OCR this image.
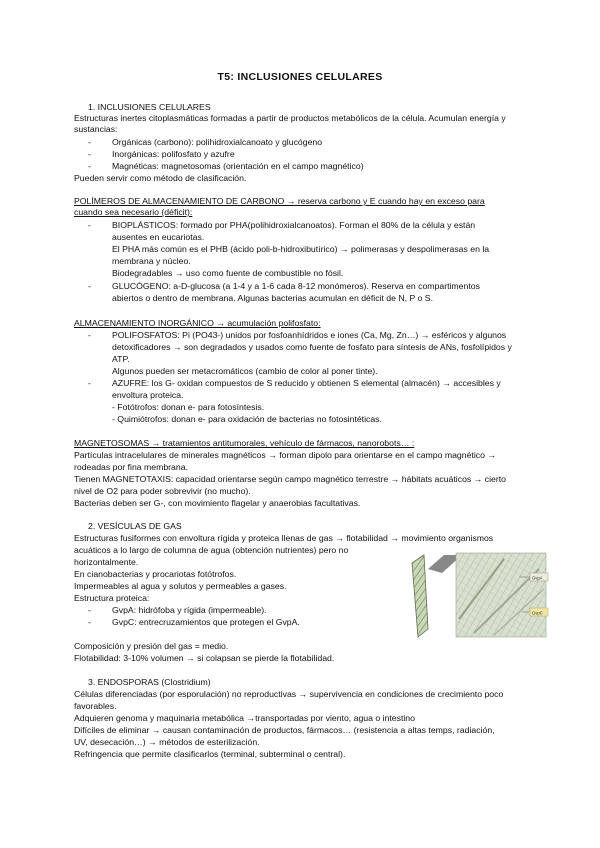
T5: INCLUSIONES CELULARES
1. INCLUSIONES CELULARES
Estructuras inertes citoplasmáticas formadas a partir de productos metabólicos de la célula. Acumulan energía y
sustancias:
- Orgánicas (carbono): polihidroxialcanoato y glucógeno
- Inorgánicas: polifosfato y azufre
- Magnéticas: magnetosomas (orientación en el campo magnético)
Pueden servir como método de clasificación.
POLÍMEROS DE ALMACENAMIENTO DE CARBONO → reserva carbono y E cuando hay en exceso para
cuando sea necesario (déficit):
- BIOPLÁSTICOS: formado por PHA(polihidroxialcanoatos). Forman el 80% de la célula y están
ausentes en eucariotas.
El PHA más común es el PHB (ácido poli-b-hidroxibutírico) → polimerasas y despolimerasas en la
membrana y núcleo.
Biodegradables → uso como fuente de combustible no fósil.
- GLUCÓGENO: a-D-glucosa (a 1-4 y a 1-6 cada 8-12 monómeros). Reserva en compartimentos
abiertos o dentro de membrana. Algunas bacterias acumulan en déficit de N, P o S.
ALMACENAMIENTO INORGÁNICO → acumulación polifosfato:
- POLIFOSFATOS: Pi (PO43-) unidos por fosfoanhídridos e iones (Ca, Mg, Zn…) → esféricos y algunos
detoxificadores → son degradados y usados como fuente de fosfato para síntesis de ANs, fosfolípidos y
ATP.
Algunos pueden ser metacromáticos (cambio de color al poner tinte).
- AZUFRE: los G- oxidan compuestos de S reducido y obtienen S elemental (almacén) → accesibles y
envoltura proteica.
- Fotótrofos: donan e- para fotosíntesis.
- Quimiótrofos: donan e- para oxidación de bacterias no fotosintéticas.
MAGNETOSOMAS → tratamientos antitumorales, vehículo de fármacos, nanorobots… :
Partículas intracelulares de minerales magnéticos → forman dipolo para orientarse en el campo magnético →
rodeadas por fina membrana.
Tienen MAGNETOTAXIS: capacidad orientarse según campo magnético terrestre → hábitats acuáticos → cierto
nivel de O2 para poder sobrevivir (no mucho).
Bacterias deben ser G-, con movimiento flagelar y anaerobias facultativas.
2. VESÍCULAS DE GAS
Estructuras fusiformes con envoltura rígida y proteica llenas de gas → flotabilidad → movimiento organismos
acuáticos a lo largo de columna de agua (obtención nutrientes) pero no
horizontalmente.
En cianobacterias y procariotas fotótrofos.
Impermeables al agua y solutos y permeables a gases.
Estructura proteica:
- GvpA: hidrófoba y rígida (impermeable).
- GvpC: entrecruzamientos que protegen el GvpA.
Composición y presión del gas = medio.
Flotabilidad: 3-10% volumen → si colapsan se pierde la flotabilidad.
GvpA
GvpC
3. ENDOSPORAS (Clostridium)
Células diferenciadas (por esporulación) no reproductivas → supervivencia en condiciones de crecimiento poco
favorables.
Adquieren genoma y maquinaria metabólica →transportadas por viento, agua o intestino
Difíciles de eliminar → causan contaminación de productos, fármacos… (resistencia a altas temps, radiación,
UV, desecación…) → métodos de esterilización.
Refringencia que permite clasificarlos (terminal, subterminal o central).
